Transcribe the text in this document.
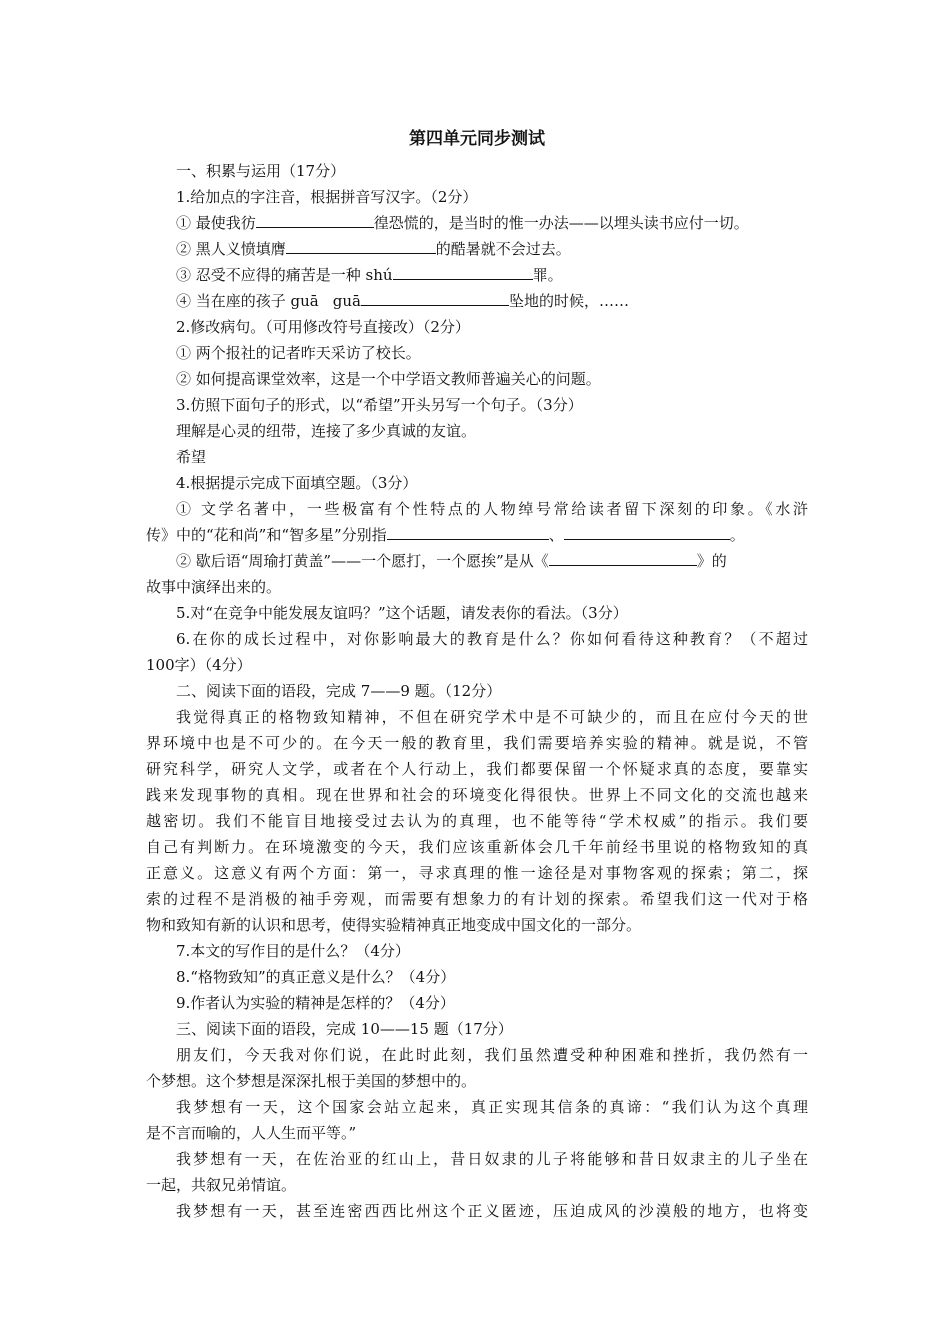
第四单元同步测试
一、积累与运用（17分）
1.给加点的字注音，根据拼音写汉字。（2分）
① 最使我彷	徨恐慌的，是当时的惟一办法——以埋头读书应付一切。
② 黑人义愤填膺	的酷暑就不会过去。
③ 忍受不应得的痛苦是一种 shú	罪。
④ 当在座的孩子 guā guā	坠地的时候，……
2.修改病句。（可用修改符号直接改）（2分）
① 两个报社的记者昨天采访了校长。
② 如何提高课堂效率，这是一个中学语文教师普遍关心的问题。
3.仿照下面句子的形式，以“希望”开头另写一个句子。（3分）
理解是心灵的纽带，连接了多少真诚的友谊。
希望
4.根据提示完成下面填空题。（3分）
① 文学名著中，一些极富有个性特点的人物绰号常给读者留下深刻的印象。《水浒
传》中的“花和尚”和“智多星”分别指	、	。
② 歇后语“周瑜打黄盖”——一个愿打，一个愿挨”是从《	》的
故事中演绎出来的。
5.对“在竞争中能发展友谊吗？”这个话题，请发表你的看法。（3分）
6.在你的成长过程中，对你影响最大的教育是什么？你如何看待这种教育？（不超过
100字）（4分）
二、阅读下面的语段，完成 7——9 题。（12分）
我觉得真正的格物致知精神，不但在研究学术中是不可缺少的，而且在应付今天的世
界环境中也是不可少的。在今天一般的教育里，我们需要培养实验的精神。就是说，不管
研究科学，研究人文学，或者在个人行动上，我们都要保留一个怀疑求真的态度，要靠实
践来发现事物的真相。现在世界和社会的环境变化得很快。世界上不同文化的交流也越来
越密切。我们不能盲目地接受过去认为的真理，也不能等待“学术权威”的指示。我们要
自己有判断力。在环境激变的今天，我们应该重新体会几千年前经书里说的格物致知的真
正意义。这意义有两个方面：第一，寻求真理的惟一途径是对事物客观的探索；第二，探
索的过程不是消极的袖手旁观，而需要有想象力的有计划的探索。希望我们这一代对于格
物和致知有新的认识和思考，使得实验精神真正地变成中国文化的一部分。
7.本文的写作目的是什么？（4分）
8.“格物致知”的真正意义是什么？（4分）
9.作者认为实验的精神是怎样的？（4分）
三、阅读下面的语段，完成 10——15 题（17分）
朋友们，今天我对你们说，在此时此刻，我们虽然遭受种种困难和挫折，我仍然有一
个梦想。这个梦想是深深扎根于美国的梦想中的。
我梦想有一天，这个国家会站立起来，真正实现其信条的真谛：“我们认为这个真理
是不言而喻的，人人生而平等。”
我梦想有一天，在佐治亚的红山上，昔日奴隶的儿子将能够和昔日奴隶主的儿子坐在
一起，共叙兄弟情谊。
我梦想有一天，甚至连密西西比州这个正义匿迹，压迫成风的沙漠般的地方，也将变
